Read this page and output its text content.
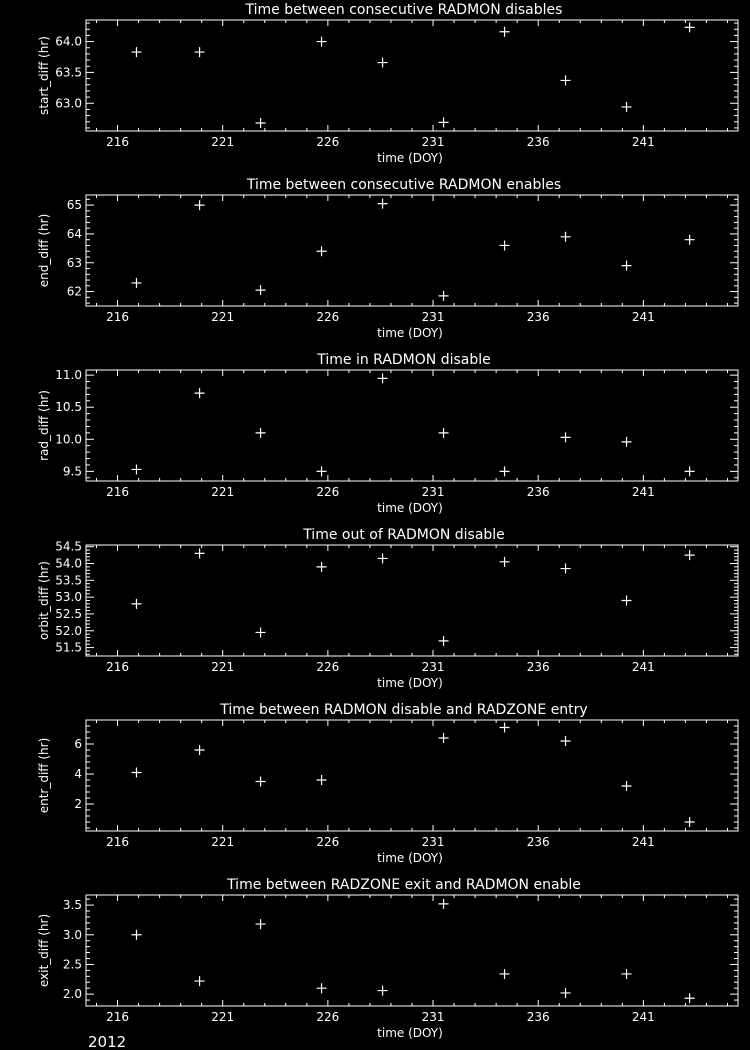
Time between consecutive RADMON disables
216	221	226	231	236	241
time (DOY)
63.0
63.5
64.0
start_diff (hr)
Time between consecutive RADMON enables
216	221	226	231	236	241
time (DOY)
62
63
64
65
end_diff (hr)
Time in RADMON disable
216	221	226	231	236	241
time (DOY)
9.5
10.0
10.5
11.0
rad_diff (hr)
Time out of RADMON disable
216	221	226	231	236	241
time (DOY)
51.5
52.0
52.5
53.0
53.5
54.0
54.5
orbit_diff (hr)
Time between RADMON disable and RADZONE entry
216	221	226	231	236	241
time (DOY)
2
4
6
entr_diff (hr)
Time between RADZONE exit and RADMON enable
216	221	226	231	236	241
time (DOY)
2.0
2.5
3.0
3.5
exit_diff (hr)
2012
